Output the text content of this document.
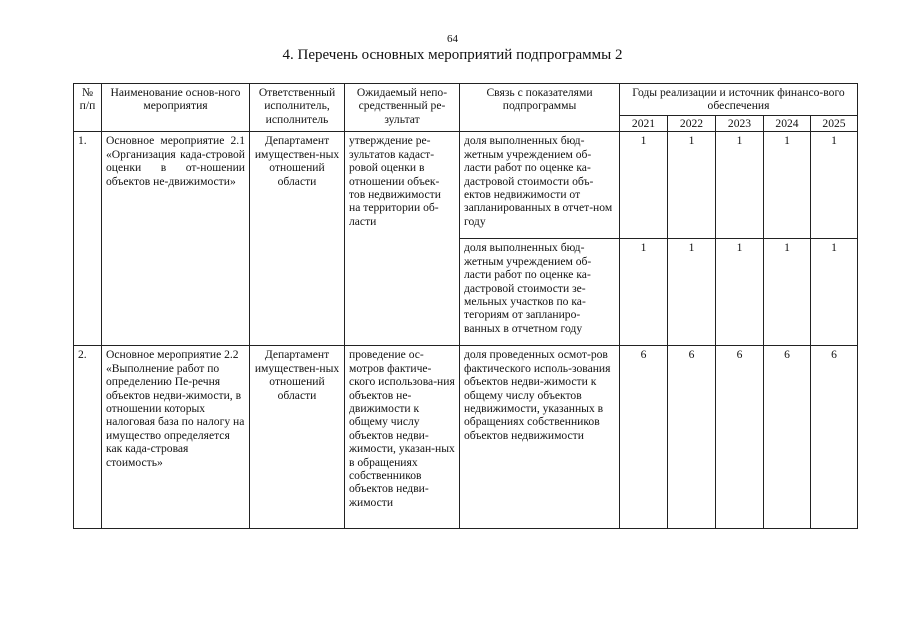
64
4. Перечень основных мероприятий подпрограммы 2
№ п/п	Наименование основ-ного мероприятия	Ответственный исполнитель, исполнитель	Ожидаемый непо-средственный ре-зультат	Связь с показателями подпрограммы	Годы реализации и источник финансо-вого обеспечения				
					2021	2022	2023	2024	2025
1.	Основное мероприятие 2.1 «Организация када-стровой оценки в от-ношении объектов не-движимости»	Департамент имуществен-ных отношений области	утверждение ре-зультатов кадаст-ровой оценки в отношении объек-тов недвижимости на территории об-ласти	доля выполненных бюд-жетным учреждением об-ласти работ по оценке ка-дастровой стоимости объ-ектов недвижимости от запланированных в отчет-ном году	1	1	1	1	1
				доля выполненных бюд-жетным учреждением об-ласти работ по оценке ка-дастровой стоимости зе-мельных участков по ка-тегориям от запланиро-ванных в отчетном году	1	1	1	1	1
2.	Основное мероприятие 2.2 «Выполнение работ по определению Пе-речня объектов недви-жимости, в отношении которых налоговая база по налогу на имущество определяется как када-стровая стоимость»	Департамент имуществен-ных отношений области	проведение ос-мотров фактиче-ского использова-ния объектов не-движимости к общему числу объектов недви-жимости, указан-ных в обращениях собственников объектов недви-жимости	доля проведенных осмот-ров фактического исполь-зования объектов недви-жимости к общему числу объектов недвижимости, указанных в обращениях собственников объектов недвижимости	6	6	6	6	6
